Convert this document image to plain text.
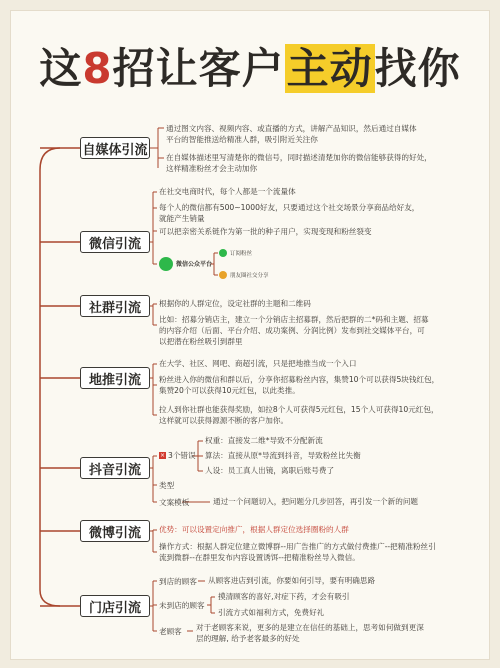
这8招让客户主动找你
自媒体引流
微信引流
社群引流
地推引流
抖音引流
微博引流
门店引流
通过图文内容、视频内容、或直播的方式，讲解产品知识，然后通过自媒体
平台的智能推送给精准人群，吸引附近关注你
在自媒体描述里写清楚你的微信号，同时描述清楚加你的微信能够获得的好处，
这样精准粉丝才会主动加你
在社交电商时代，每个人都是一个流量体
每个人的微信都有500~1000好友，只要通过这个社交场景分享商品给好友，
就能产生销量
可以把亲密关系链作为第一批的种子用户，实现变现和粉丝裂变
微信公众平台
订阅粉丝
朋友圈社交分享
根据你的人群定位，设定社群的主题和二维码
比如：招募分销店主，建立一个分销店主招募群，然后把群的二*码和主题、招募
的内容介绍（后面、平台介绍、成功案例、分润比例）发布到社交媒体平台，可
以把潜在粉丝吸引到群里
在大学、社区、网吧、商超引流，只是把地推当成一个入口
粉丝进入你的微信和群以后，分享你招募粉丝内容，集赞10个可以获得5块钱红包，
集赞20个可以获得10元红包，以此类推。
拉人到你社群也能获得奖励，如拉8个人可获得5元红包，15个人可获得10元红包，
这样就可以获得源源不断的客户加你。
× 3个错误
权重：直接发二维*导致不分配新流
算法：直接从原*导流到抖音，导致粉丝比失衡
人设：员工真人出镜，离职后账号费了
类型
文案模板	通过一个问题切入，把问题分几步回答，再引发一个新的问题
优势：可以设置定向推广，根据人群定位选择圈粉的人群
操作方式：根据人群定位建立微博群--用广告推广的方式做付费推广--把精准粉丝引
流到微群--在群里发布内容设置诱饵--把精准粉丝导入微信。
到店的顾客 从顾客进店到引流，你要如何引导，要有明确思路
未到店的顾客
摸清顾客的喜好,对症下药，才会有吸引
引流方式如福利方式，免费好礼
老顾客 对于老顾客来说，更多的是建立在信任的基础上，思考如何做到更深
层的理解, 给予老客最多的好处
